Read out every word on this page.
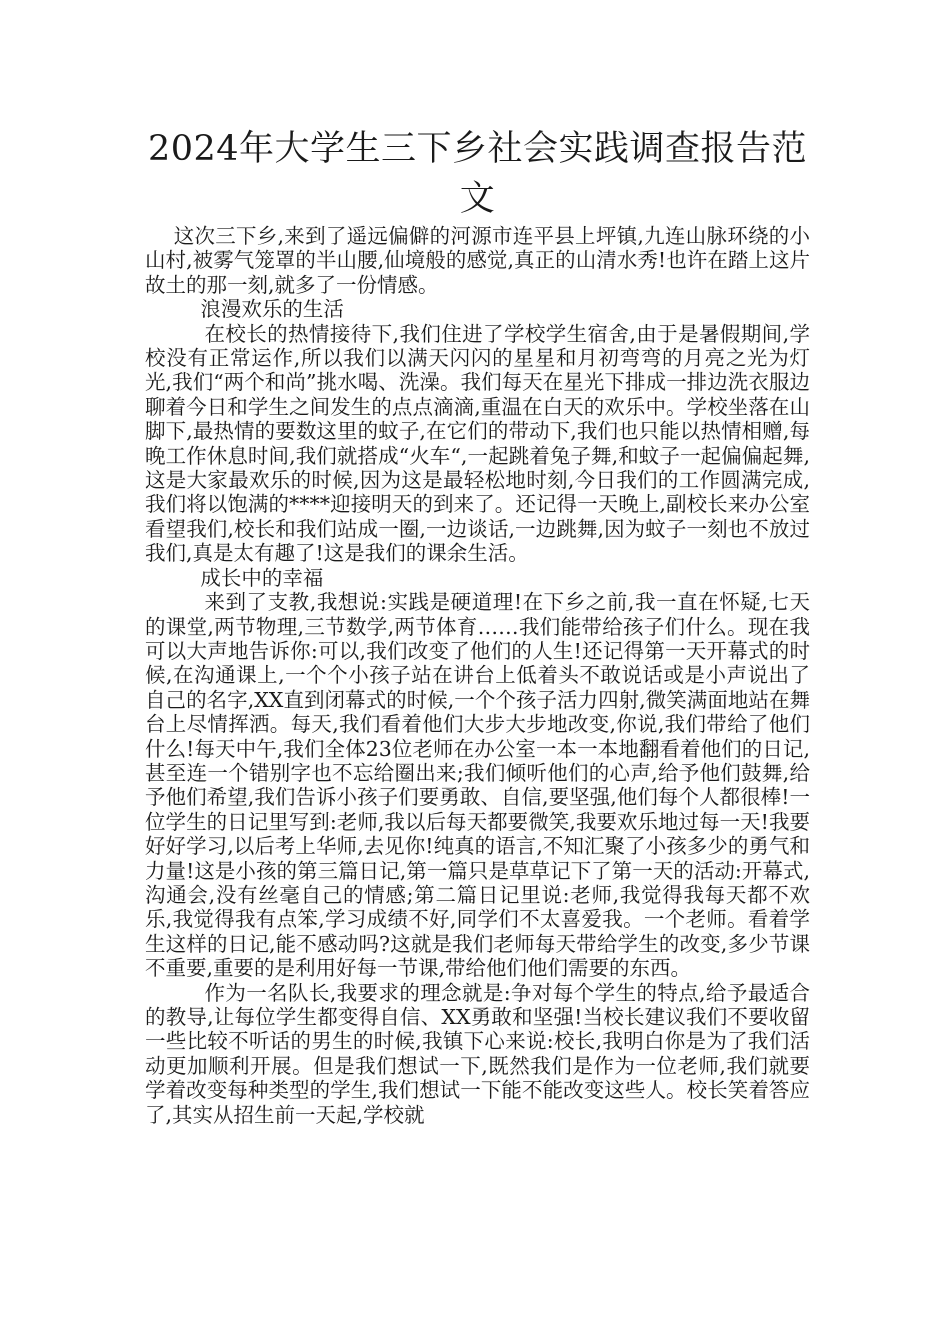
2024年大学生三下乡社会实践调查报告范文

这次三下乡,来到了遥远偏僻的河源市连平县上坪镇,九连山脉环绕的小山村,被雾气笼罩的半山腰,仙境般的感觉,真正的山清水秀!也许在踏上这片故土的那一刻,就多了一份情感。

浪漫欢乐的生活

在校长的热情接待下,我们住进了学校学生宿舍,由于是暑假期间,学校没有正常运作,所以我们以满天闪闪的星星和月初弯弯的月亮之光为灯光,我们“两个和尚”挑水喝、洗澡。我们每天在星光下排成一排边洗衣服边聊着今日和学生之间发生的点点滴滴,重温在白天的欢乐中。学校坐落在山脚下,最热情的要数这里的蚊子,在它们的带动下,我们也只能以热情相赠,每晚工作休息时间,我们就搭成“火车“,一起跳着兔子舞,和蚊子一起偏偏起舞,这是大家最欢乐的时候,因为这是最轻松地时刻,今日我们的工作圆满完成,我们将以饱满的****迎接明天的到来了。还记得一天晚上,副校长来办公室看望我们,校长和我们站成一圈,一边谈话,一边跳舞,因为蚊子一刻也不放过我们,真是太有趣了!这是我们的课余生活。

成长中的幸福

来到了支教,我想说:实践是硬道理!在下乡之前,我一直在怀疑,七天的课堂,两节物理,三节数学,两节体育……我们能带给孩子们什么。现在我可以大声地告诉你:可以,我们改变了他们的人生!还记得第一天开幕式的时候,在沟通课上,一个个小孩子站在讲台上低着头不敢说话或是小声说出了自己的名字,XX直到闭幕式的时候,一个个孩子活力四射,微笑满面地站在舞台上尽情挥洒。每天,我们看着他们大步大步地改变,你说,我们带给了他们什么!每天中午,我们全体23位老师在办公室一本一本地翻看着他们的日记,甚至连一个错别字也不忘给圈出来;我们倾听他们的心声,给予他们鼓舞,给予他们希望,我们告诉小孩子们要勇敢、自信,要坚强,他们每个人都很棒!一位学生的日记里写到:老师,我以后每天都要微笑,我要欢乐地过每一天!我要好好学习,以后考上华师,去见你!纯真的语言,不知汇聚了小孩多少的勇气和力量!这是小孩的第三篇日记,第一篇只是草草记下了第一天的活动:开幕式,沟通会,没有丝毫自己的情感;第二篇日记里说:老师,我觉得我每天都不欢乐,我觉得我有点笨,学习成绩不好,同学们不太喜爱我。一个老师。看着学生这样的日记,能不感动吗?这就是我们老师每天带给学生的改变,多少节课不重要,重要的是利用好每一节课,带给他们他们需要的东西。

作为一名队长,我要求的理念就是:争对每个学生的特点,给予最适合的教导,让每位学生都变得自信、XX勇敢和坚强!当校长建议我们不要收留一些比较不听话的男生的时候,我镇下心来说:校长,我明白你是为了我们活动更加顺利开展。但是我们想试一下,既然我们是作为一位老师,我们就要学着改变每种类型的学生,我们想试一下能不能改变这些人。校长笑着答应了,其实从招生前一天起,学校就
